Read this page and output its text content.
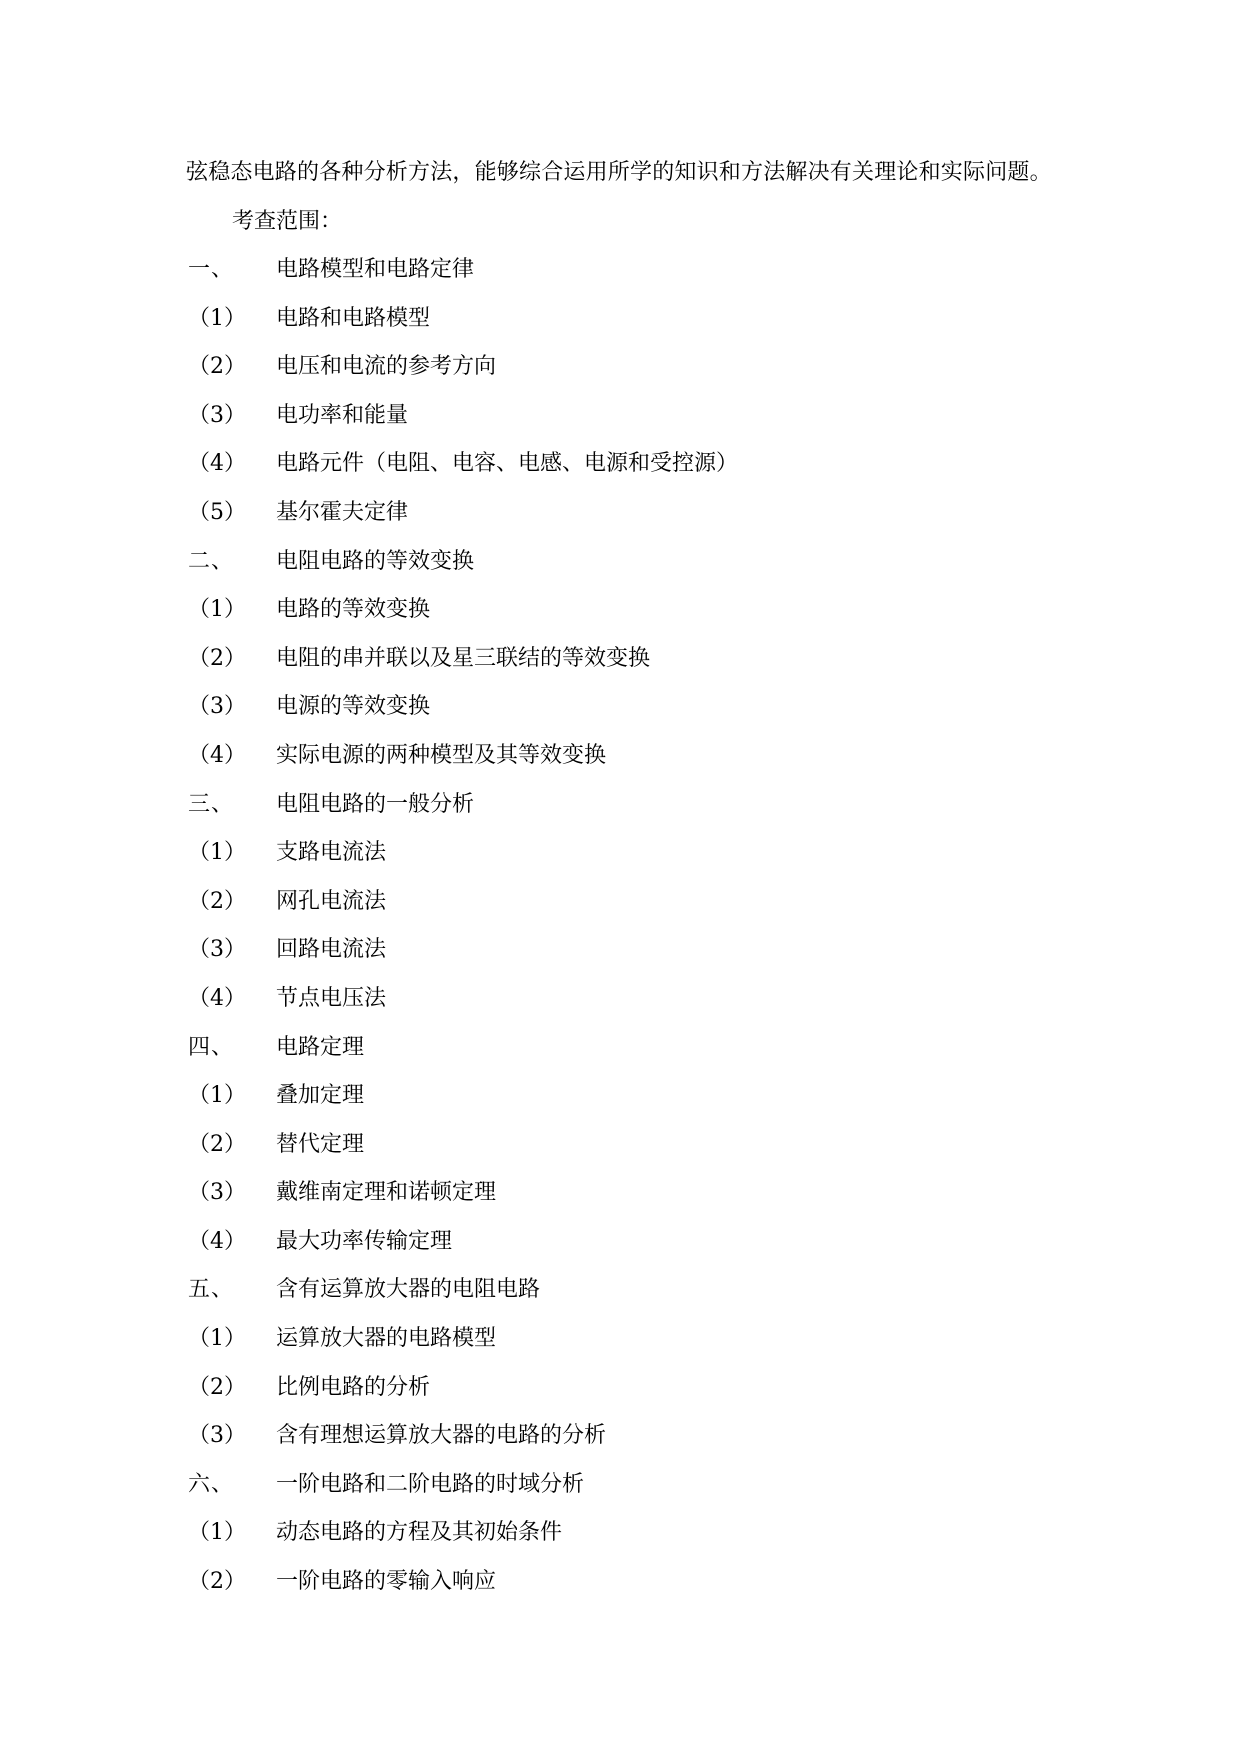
弦稳态电路的各种分析方法，能够综合运用所学的知识和方法解决有关理论和实际问题。
考查范围：
一、	电路模型和电路定律
（1）	电路和电路模型
（2）	电压和电流的参考方向
（3）	电功率和能量
（4）	电路元件（电阻、电容、电感、电源和受控源）
（5）	基尔霍夫定律
二、	电阻电路的等效变换
（1）	电路的等效变换
（2）	电阻的串并联以及星三联结的等效变换
（3）	电源的等效变换
（4）	实际电源的两种模型及其等效变换
三、	电阻电路的一般分析
（1）	支路电流法
（2）	网孔电流法
（3）	回路电流法
（4）	节点电压法
四、	电路定理
（1）	叠加定理
（2）	替代定理
（3）	戴维南定理和诺顿定理
（4）	最大功率传输定理
五、	含有运算放大器的电阻电路
（1）	运算放大器的电路模型
（2）	比例电路的分析
（3）	含有理想运算放大器的电路的分析
六、	一阶电路和二阶电路的时域分析
（1）	动态电路的方程及其初始条件
（2）	一阶电路的零输入响应
